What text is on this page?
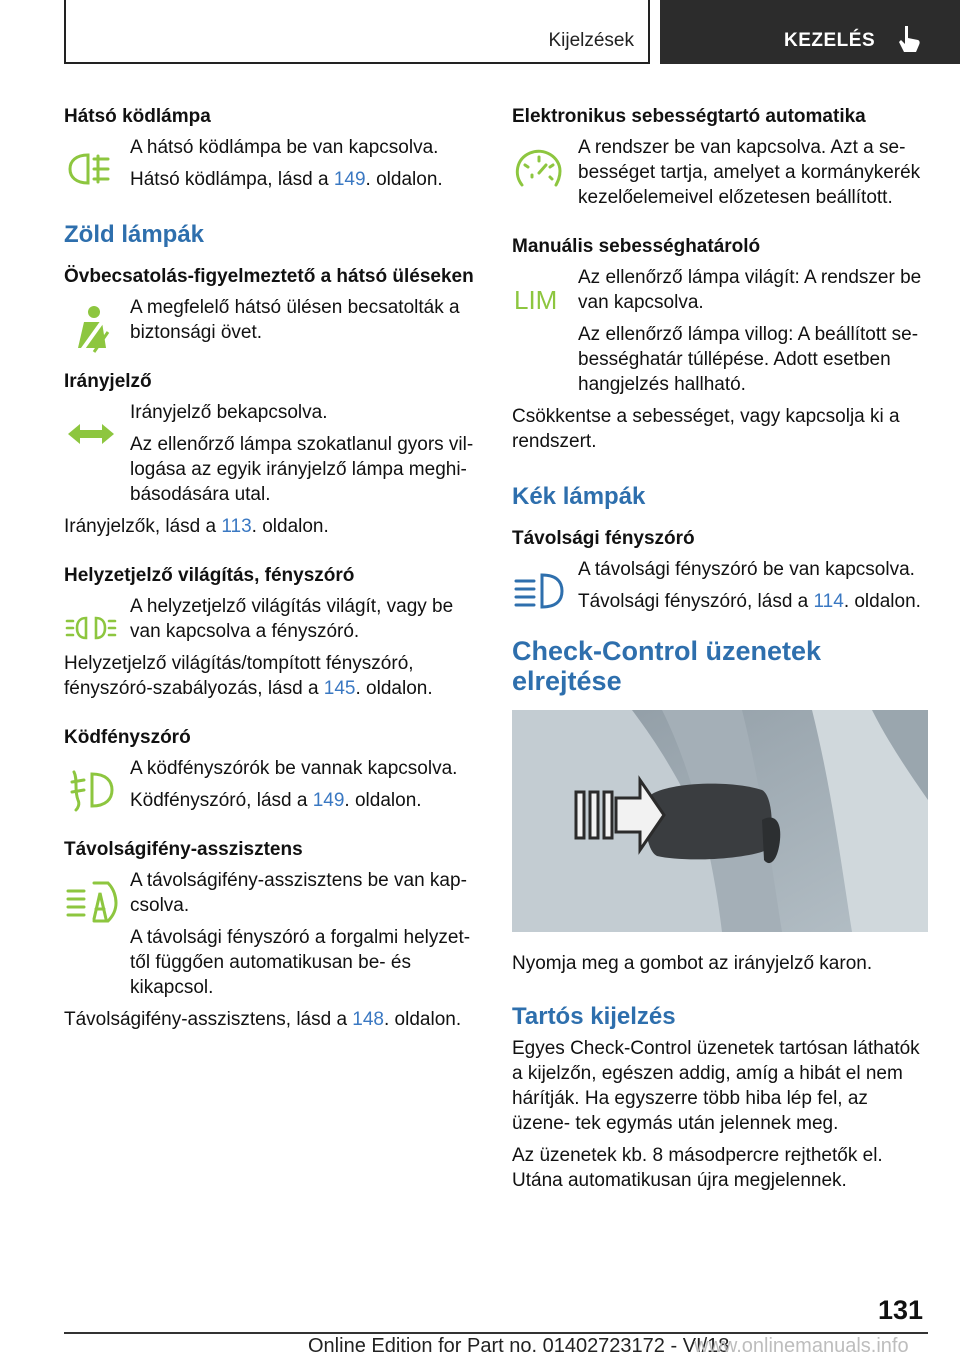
Kijelzések	KEZELÉS
Hátsó ködlámpa
A hátsó ködlámpa be van kapcsolva.
Hátsó ködlámpa, lásd a 149. oldalon.
Zöld lámpák
Övbecsatolás-figyelmeztető a hátsó üléseken
A megfelelő hátsó ülésen becsatolták a biztonsági övet.
Irányjelző
Irányjelző bekapcsolva.
Az ellenőrző lámpa szokatlanul gyors vil- logása az egyik irányjelző lámpa meghi- básodására utal.
Irányjelzők, lásd a 113. oldalon.
Helyzetjelző világítás, fényszóró
A helyzetjelző világítás világít, vagy be van kapcsolva a fényszóró.
Helyzetjelző világítás/tompított fényszóró, fényszóró-szabályozás, lásd a 145. oldalon.
Ködfényszóró
A ködfényszórók be vannak kapcsolva.
Ködfényszóró, lásd a 149. oldalon.
Távolságifény-asszisztens
A távolságifény-asszisztens be van kap- csolva.
A távolsági fényszóró a forgalmi helyzet- től függően automatikusan be- és kikapcsol.
Távolságifény-asszisztens, lásd a 148. oldalon.
Elektronikus sebességtartó automatika
A rendszer be van kapcsolva. Azt a se- bességet tartja, amelyet a kormánykerék kezelőelemeivel előzetesen beállított.
Manuális sebességhatároló
LIM
Az ellenőrző lámpa világít: A rendszer be van kapcsolva.
Az ellenőrző lámpa villog: A beállított se- bességhatár túllépése. Adott esetben hangjelzés hallható.
Csökkentse a sebességet, vagy kapcsolja ki a rendszert.
Kék lámpák
Távolsági fényszóró
A távolsági fényszóró be van kapcsolva.
Távolsági fényszóró, lásd a 114. oldalon.
Check-Control üzenetek elrejtése
Nyomja meg a gombot az irányjelző karon.
Tartós kijelzés
Egyes Check-Control üzenetek tartósan láthatók a kijelzőn, egészen addig, amíg a hibát el nem hárítják. Ha egyszerre több hiba lép fel, az üzene- tek egymás után jelennek meg.
Az üzenetek kb. 8 másodpercre rejthetők el. Utána automatikusan újra megjelennek.
131
Online Edition for Part no. 01402723172 - VI/18
www.onlinemanuals.info
